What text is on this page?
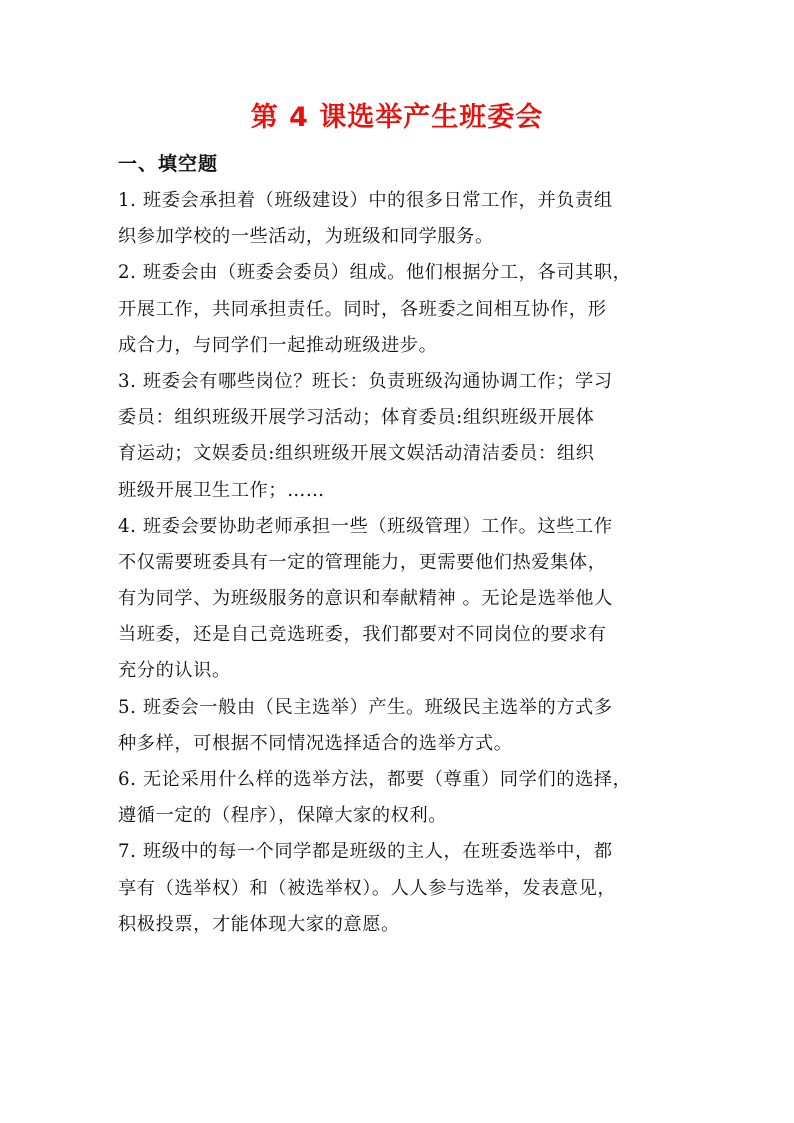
第 4 课选举产生班委会
一、填空题
1. 班委会承担着（班级建设）中的很多日常工作，并负责组
织参加学校的一些活动，为班级和同学服务。
2. 班委会由（班委会委员）组成。他们根据分工，各司其职，
开展工作，共同承担责任。同时，各班委之间相互协作，形
成合力，与同学们一起推动班级进步。
3. 班委会有哪些岗位？班长：负责班级沟通协调工作；学习
委员：组织班级开展学习活动；体育委员:组织班级开展体
育运动；文娱委员:组织班级开展文娱活动清洁委员：组织
班级开展卫生工作；……
4. 班委会要协助老师承担一些（班级管理）工作。这些工作
不仅需要班委具有一定的管理能力，更需要他们热爱集体，
有为同学、为班级服务的意识和奉献精神 。无论是选举他人
当班委，还是自己竞选班委，我们都要对不同岗位的要求有
充分的认识。
5. 班委会一般由（民主选举）产生。班级民主选举的方式多
种多样，可根据不同情况选择适合的选举方式。
6. 无论采用什么样的选举方法，都要（尊重）同学们的选择，
遵循一定的（程序），保障大家的权利。
7. 班级中的每一个同学都是班级的主人，在班委选举中，都
享有（选举权）和（被选举权）。人人参与选举，发表意见，
积极投票，才能体现大家的意愿。
